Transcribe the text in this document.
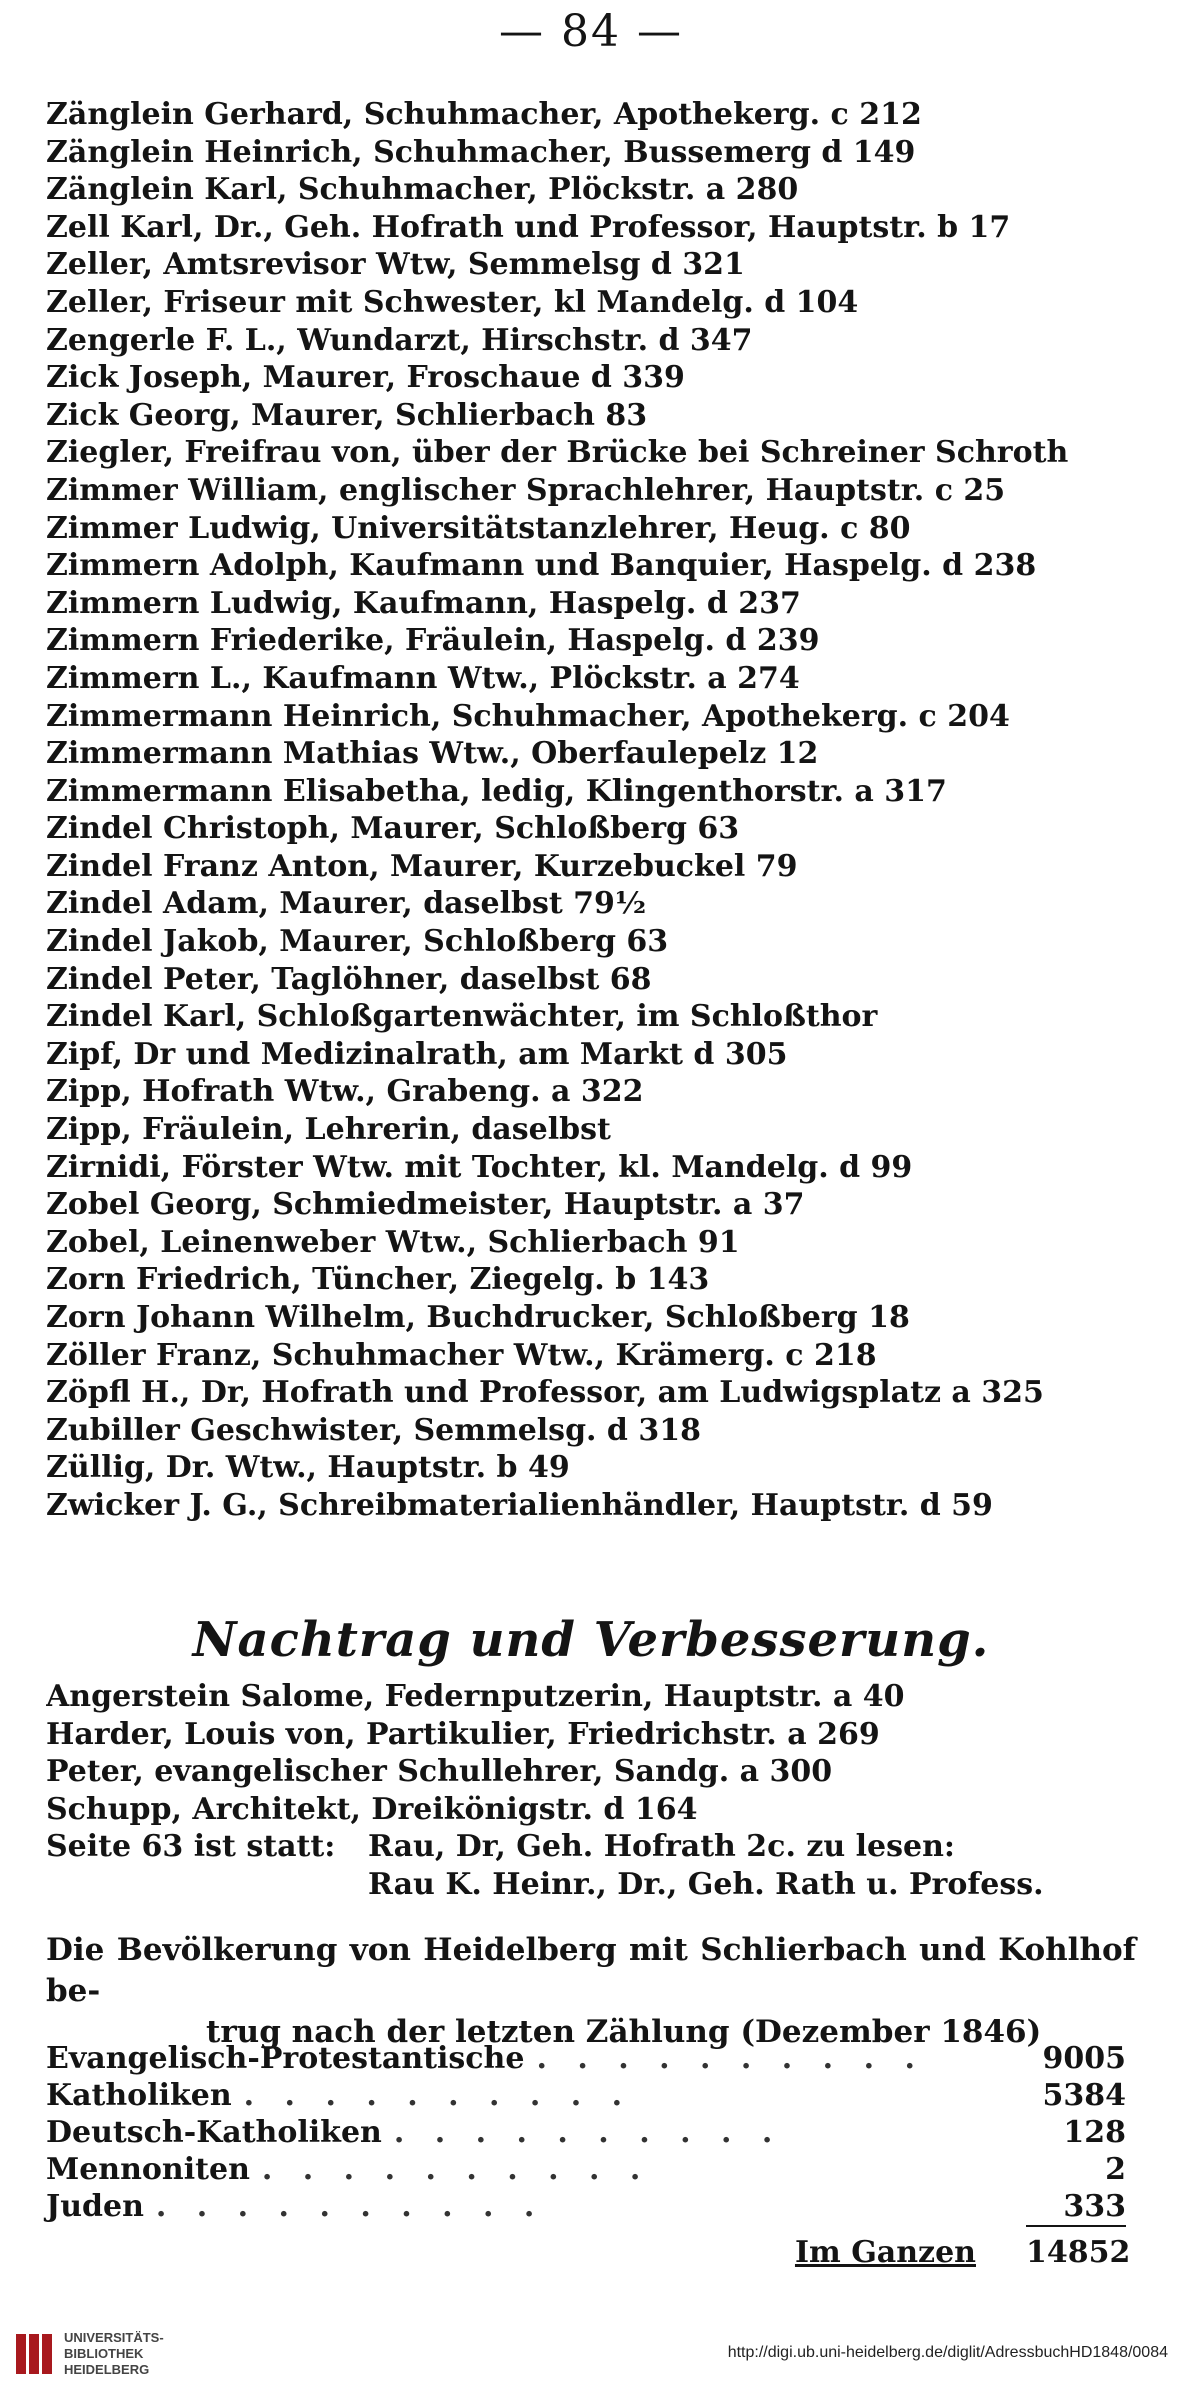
— 84 —
Zänglein Gerhard, Schuhmacher, Apothekerg. c 212
Zänglein Heinrich, Schuhmacher, Bussemerg d 149
Zänglein Karl, Schuhmacher, Plöckstr. a 280
Zell Karl, Dr., Geh. Hofrath und Professor, Hauptstr. b 17
Zeller, Amtsrevisor Wtw, Semmelsg d 321
Zeller, Friseur mit Schwester, kl Mandelg. d 104
Zengerle F. L., Wundarzt, Hirschstr. d 347
Zick Joseph, Maurer, Froschaue d 339
Zick Georg, Maurer, Schlierbach 83
Ziegler, Freifrau von, über der Brücke bei Schreiner Schroth
Zimmer William, englischer Sprachlehrer, Hauptstr. c 25
Zimmer Ludwig, Universitätstanzlehrer, Heug. c 80
Zimmern Adolph, Kaufmann und Banquier, Haspelg. d 238
Zimmern Ludwig, Kaufmann, Haspelg. d 237
Zimmern Friederike, Fräulein, Haspelg. d 239
Zimmern L., Kaufmann Wtw., Plöckstr. a 274
Zimmermann Heinrich, Schuhmacher, Apothekerg. c 204
Zimmermann Mathias Wtw., Oberfaulepelz 12
Zimmermann Elisabetha, ledig, Klingenthorstr. a 317
Zindel Christoph, Maurer, Schloßberg 63
Zindel Franz Anton, Maurer, Kurzebuckel 79
Zindel Adam, Maurer, daselbst 79½
Zindel Jakob, Maurer, Schloßberg 63
Zindel Peter, Taglöhner, daselbst 68
Zindel Karl, Schloßgartenwächter, im Schloßthor
Zipf, Dr und Medizinalrath, am Markt d 305
Zipp, Hofrath Wtw., Grabeng. a 322
Zipp, Fräulein, Lehrerin, daselbst
Zirnidi, Förster Wtw. mit Tochter, kl. Mandelg. d 99
Zobel Georg, Schmiedmeister, Hauptstr. a 37
Zobel, Leinenweber Wtw., Schlierbach 91
Zorn Friedrich, Tüncher, Ziegelg. b 143
Zorn Johann Wilhelm, Buchdrucker, Schloßberg 18
Zöller Franz, Schuhmacher Wtw., Krämerg. c 218
Zöpfl H., Dr, Hofrath und Professor, am Ludwigsplatz a 325
Zubiller Geschwister, Semmelsg. d 318
Züllig, Dr. Wtw., Hauptstr. b 49
Zwicker J. G., Schreibmaterialienhändler, Hauptstr. d 59
Nachtrag und Verbesserung.
Angerstein Salome, Federnputzerin, Hauptstr. a 40
Harder, Louis von, Partikulier, Friedrichstr. a 269
Peter, evangelischer Schullehrer, Sandg. a 300
Schupp, Architekt, Dreikönigstr. d 164
Seite 63 ist statt:	Rau, Dr, Geh. Hofrath 2c. zu lesen:
Rau K. Heinr., Dr., Geh. Rath u. Profess.
Die Bevölkerung von Heidelberg mit Schlierbach und Kohlhof be-
trug nach der letzten Zählung (Dezember 1846)
Evangelisch-Protestantische . . . . . . . . . .	9005
Katholiken . . . . . . . . . .	5384
Deutsch-Katholiken . . . . . . . . . .	128
Mennoniten . . . . . . . . . .	2
Juden . . . . . . . . . .	333
Im Ganzen 14852
UNIVERSITÄTS-
BIBLIOTHEK
HEIDELBERG
http://digi.ub.uni-heidelberg.de/diglit/AdressbuchHD1848/0084
